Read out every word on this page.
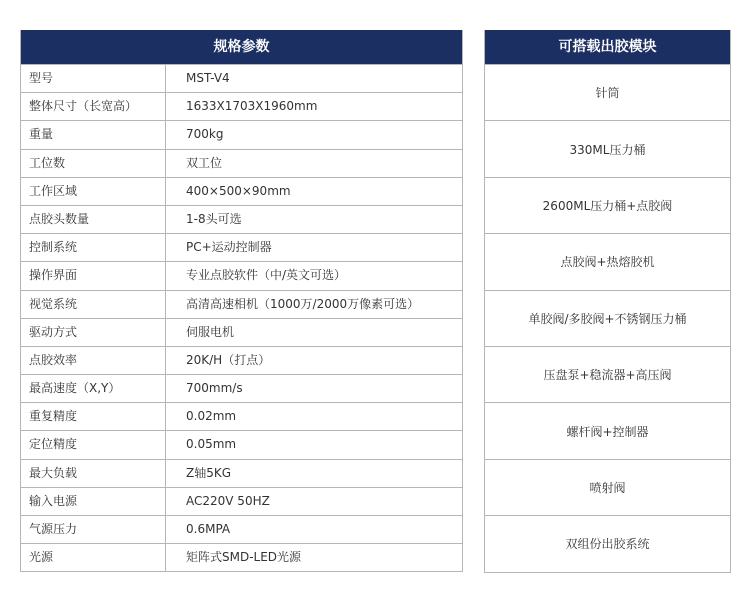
规格参数
型号	MST-V4
整体尺寸（长宽高）	1633X1703X1960mm
重量	700kg
工位数	双工位
工作区域	400×500×90mm
点胶头数量	1-8头可选
控制系统	PC+运动控制器
操作界面	专业点胶软件（中/英文可选）
视觉系统	高清高速相机（1000万/2000万像素可选）
驱动方式	伺服电机
点胶效率	20K/H（打点）
最高速度（X,Y）	700mm/s
重复精度	0.02mm
定位精度	0.05mm
最大负载	Z轴5KG
输入电源	AC220V 50HZ
气源压力	0.6MPA
光源	矩阵式SMD-LED光源
可搭载出胶模块
针筒
330ML压力桶
2600ML压力桶+点胶阀
点胶阀+热熔胶机
单胶阀/多胶阀+不锈钢压力桶
压盘泵+稳流器+高压阀
螺杆阀+控制器
喷射阀
双组份出胶系统
